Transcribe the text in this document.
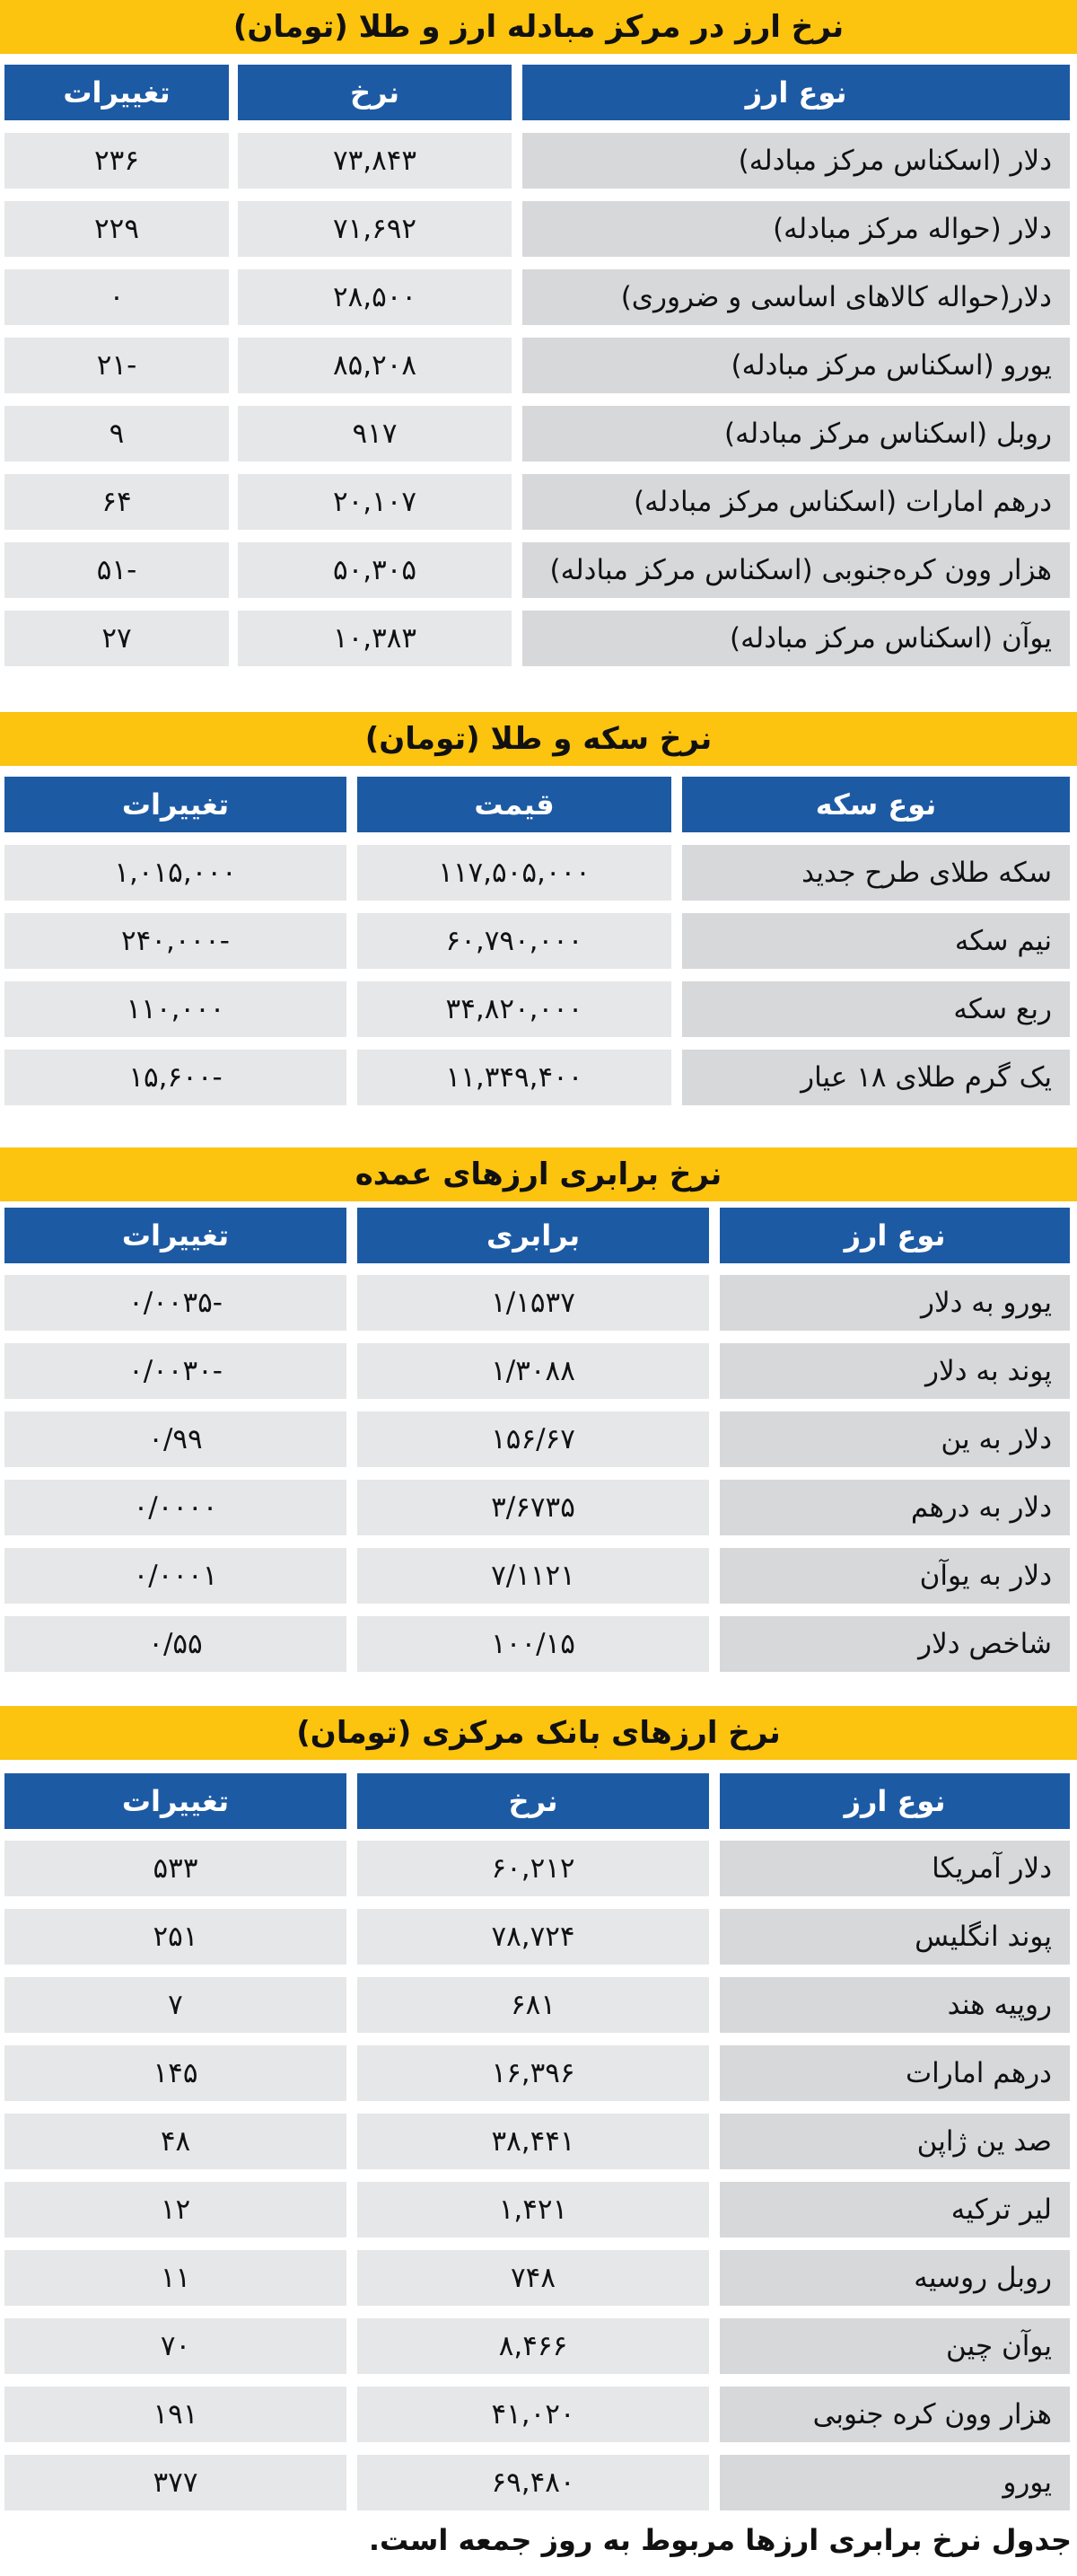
نرخ ارز در مرکز مبادله ارز و طلا (تومان)
نوع ارز
نرخ
تغییرات
دلار (اسکناس مرکز مبادله)
۷۳,۸۴۳
۲۳۶
دلار (حواله مرکز مبادله)
۷۱,۶۹۲
۲۲۹
دلار(حواله کالاهای اساسی و ضروری)
۲۸,۵۰۰
۰
یورو (اسکناس مرکز مبادله)
۸۵,۲۰۸
-۲۱
روبل (اسکناس مرکز مبادله)
۹۱۷
۹
درهم امارات (اسکناس مرکز مبادله)
۲۰,۱۰۷
۶۴
هزار وون کره‌جنوبی (اسکناس مرکز مبادله)
۵۰,۳۰۵
-۵۱
یوآن (اسکناس مرکز مبادله)
۱۰,۳۸۳
۲۷
نرخ سکه و طلا (تومان)
نوع سکه
قیمت
تغییرات
سکه طلای طرح جدید
۱۱۷,۵۰۵,۰۰۰
۱,۰۱۵,۰۰۰
نیم سکه
۶۰,۷۹۰,۰۰۰
-۲۴۰,۰۰۰
ربع سکه
۳۴,۸۲۰,۰۰۰
۱۱۰,۰۰۰
یک گرم طلای ۱۸ عیار
۱۱,۳۴۹,۴۰۰
-۱۵,۶۰۰
نرخ برابری ارزهای عمده
نوع ارز
برابری
تغییرات
یورو به دلار
۱/۱۵۳۷
-۰/۰۰۳۵
پوند به دلار
۱/۳۰۸۸
-۰/۰۰۳۰
دلار به ین
۱۵۶/۶۷
۰/۹۹
دلار به درهم
۳/۶۷۳۵
۰/۰۰۰۰
دلار به یوآن
۷/۱۱۲۱
۰/۰۰۰۱
شاخص دلار
۱۰۰/۱۵
۰/۵۵
نرخ ارزهای بانک مرکزی (تومان)
نوع ارز
نرخ
تغییرات
دلار آمریکا
۶۰,۲۱۲
۵۳۳
پوند انگلیس
۷۸,۷۲۴
۲۵۱
روپیه هند
۶۸۱
۷
درهم امارات
۱۶,۳۹۶
۱۴۵
صد ین ژاپن
۳۸,۴۴۱
۴۸
لیر ترکیه
۱,۴۲۱
۱۲
روبل روسیه
۷۴۸
۱۱
یوآن چین
۸,۴۶۶
۷۰
هزار وون کره جنوبی
۴۱,۰۲۰
۱۹۱
یورو
۶۹,۴۸۰
۳۷۷
جدول نرخ برابری ارزها مربوط به روز جمعه است.
